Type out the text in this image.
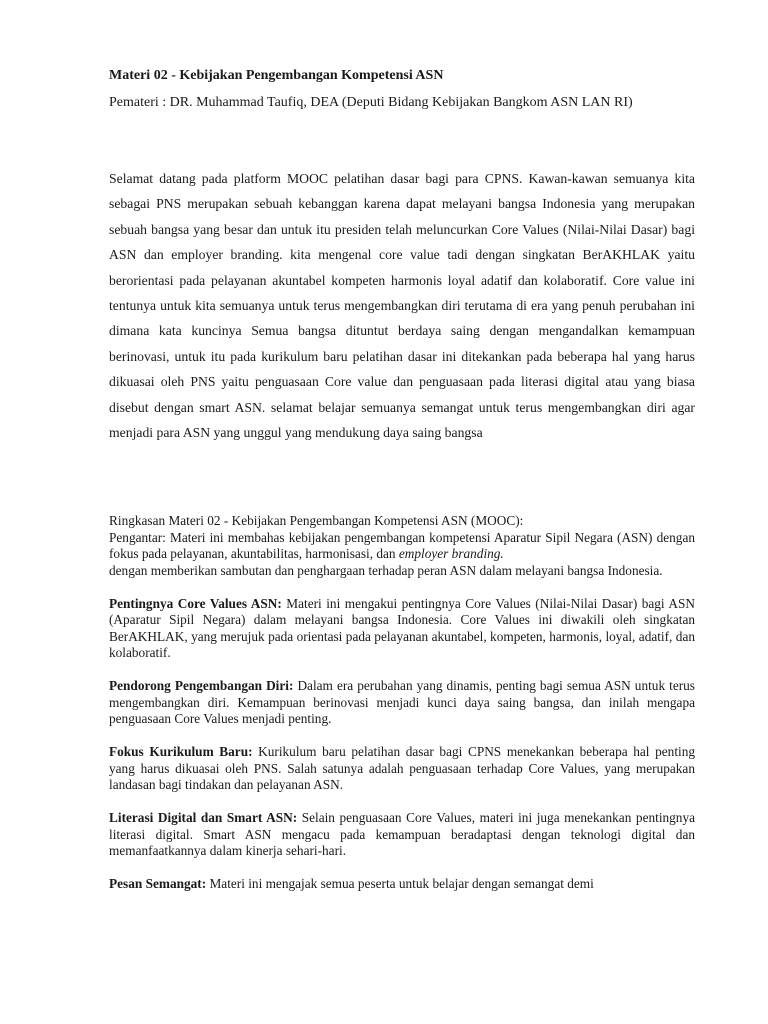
Materi 02 - Kebijakan Pengembangan Kompetensi ASN
Pemateri : DR. Muhammad Taufiq, DEA (Deputi Bidang Kebijakan Bangkom ASN LAN RI)

Selamat datang pada platform MOOC pelatihan dasar bagi para CPNS. Kawan-kawan semuanya kita sebagai PNS merupakan sebuah kebanggan karena dapat melayani bangsa Indonesia yang merupakan sebuah bangsa yang besar dan untuk itu presiden telah meluncurkan Core Values (Nilai-Nilai Dasar) bagi ASN dan employer branding. kita mengenal core value tadi dengan singkatan BerAKHLAK yaitu berorientasi pada pelayanan akuntabel kompeten harmonis loyal adatif dan kolaboratif. Core value ini tentunya untuk kita semuanya untuk terus mengembangkan diri terutama di era yang penuh perubahan ini dimana kata kuncinya Semua bangsa dituntut berdaya saing dengan mengandalkan kemampuan berinovasi, untuk itu pada kurikulum baru pelatihan dasar ini ditekankan pada beberapa hal yang harus dikuasai oleh PNS yaitu penguasaan Core value dan penguasaan pada literasi digital atau yang biasa disebut dengan smart ASN. selamat belajar semuanya semangat untuk terus mengembangkan diri agar menjadi para ASN yang unggul yang mendukung daya saing bangsa

Ringkasan Materi 02 - Kebijakan Pengembangan Kompetensi ASN (MOOC):

Pengantar: Materi ini membahas kebijakan pengembangan kompetensi Aparatur Sipil Negara (ASN) dengan fokus pada pelayanan, akuntabilitas, harmonisasi, dan employer branding.

dengan memberikan sambutan dan penghargaan terhadap peran ASN dalam melayani bangsa Indonesia.

Pentingnya Core Values ASN: Materi ini mengakui pentingnya Core Values (Nilai-Nilai Dasar) bagi ASN (Aparatur Sipil Negara) dalam melayani bangsa Indonesia. Core Values ini diwakili oleh singkatan BerAKHLAK, yang merujuk pada orientasi pada pelayanan akuntabel, kompeten, harmonis, loyal, adatif, dan kolaboratif.

Pendorong Pengembangan Diri: Dalam era perubahan yang dinamis, penting bagi semua ASN untuk terus mengembangkan diri. Kemampuan berinovasi menjadi kunci daya saing bangsa, dan inilah mengapa penguasaan Core Values menjadi penting.

Fokus Kurikulum Baru: Kurikulum baru pelatihan dasar bagi CPNS menekankan beberapa hal penting yang harus dikuasai oleh PNS. Salah satunya adalah penguasaan terhadap Core Values, yang merupakan landasan bagi tindakan dan pelayanan ASN.

Literasi Digital dan Smart ASN: Selain penguasaan Core Values, materi ini juga menekankan pentingnya literasi digital. Smart ASN mengacu pada kemampuan beradaptasi dengan teknologi digital dan memanfaatkannya dalam kinerja sehari-hari.

Pesan Semangat: Materi ini mengajak semua peserta untuk belajar dengan semangat demi
